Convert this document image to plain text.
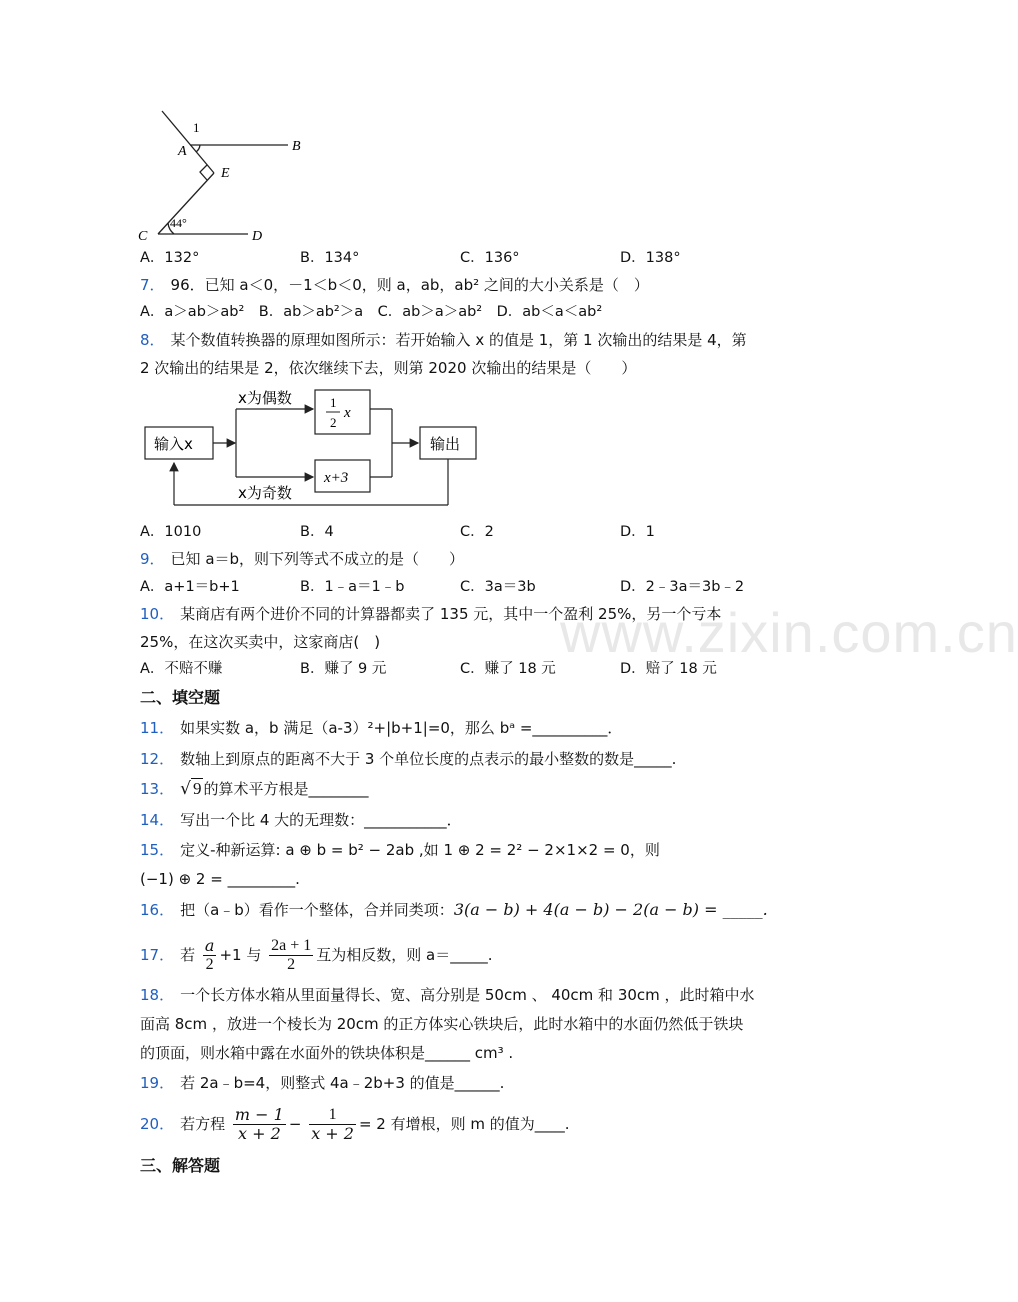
www.zixin.com.cn
1
A	B
E
C	D
44°
A．132°	B．134°	C．136°	D．138°
7． 96．已知 a＜0，－1＜b＜0，则 a，ab，ab² 之间的大小关系是（　）
A．a＞ab＞ab²　B．ab＞ab²＞a　C．ab＞a＞ab²　D．ab＜a＜ab²
8． 某个数值转换器的原理如图所示：若开始输入 x 的值是 1，第 1 次输出的结果是 4，第
2 次输出的结果是 2，依次继续下去，则第 2020 次输出的结果是（　　）
输入x
x为偶数	1
2
x
x+3
输出
x为奇数
A．1010	B．4	C．2	D．1
9． 已知 a＝b，则下列等式不成立的是（　　）
A．a+1＝b+1	B．1﹣a＝1﹣b	C．3a＝3b	D．2﹣3a＝3b﹣2
10． 某商店有两个进价不同的计算器都卖了 135 元，其中一个盈利 25%，另一个亏本
25%，在这次买卖中，这家商店(　)
A．不赔不赚	B．赚了 9 元	C．赚了 18 元	D．赔了 18 元
二、填空题
11． 如果实数 a，b 满足（a-3）²+|b+1|=0，那么 bᵃ =__________．
12． 数轴上到原点的距离不大于 3 个单位长度的点表示的最小整数的数是_____.
13． √ 9 的算术平方根是________
14． 写出一个比 4 大的无理数：___________．
15． 定义-种新运算: a ⊕ b = b² − 2ab ,如 1 ⊕ 2 = 2² − 2×1×2 = 0，则
(−1) ⊕ 2 = _________.
16． 把（a﹣b）看作一个整体，合并同类项：3(a − b) + 4(a − b) − 2(a − b) = _____.
17． 若 $\frac{a}{2} +1$ 与 $\frac{2a + 1}{2}$ 互为相反数，则 a＝_____.
18． 一个长方体水箱从里面量得长、宽、高分别是 50cm 、 40cm 和 30cm ，此时箱中水
面高 8cm ，放进一个棱长为 20cm 的正方体实心铁块后，此时水箱中的水面仍然低于铁块
的顶面，则水箱中露在水面外的铁块体积是______ cm³ .
19． 若 2a﹣b=4，则整式 4a﹣2b+3 的值是______.
20． 若方程 $\frac{m - 1}{x + 2} - \frac{1}{x + 2} = 2$ 有增根，则 m 的值为____.
三、解答题
